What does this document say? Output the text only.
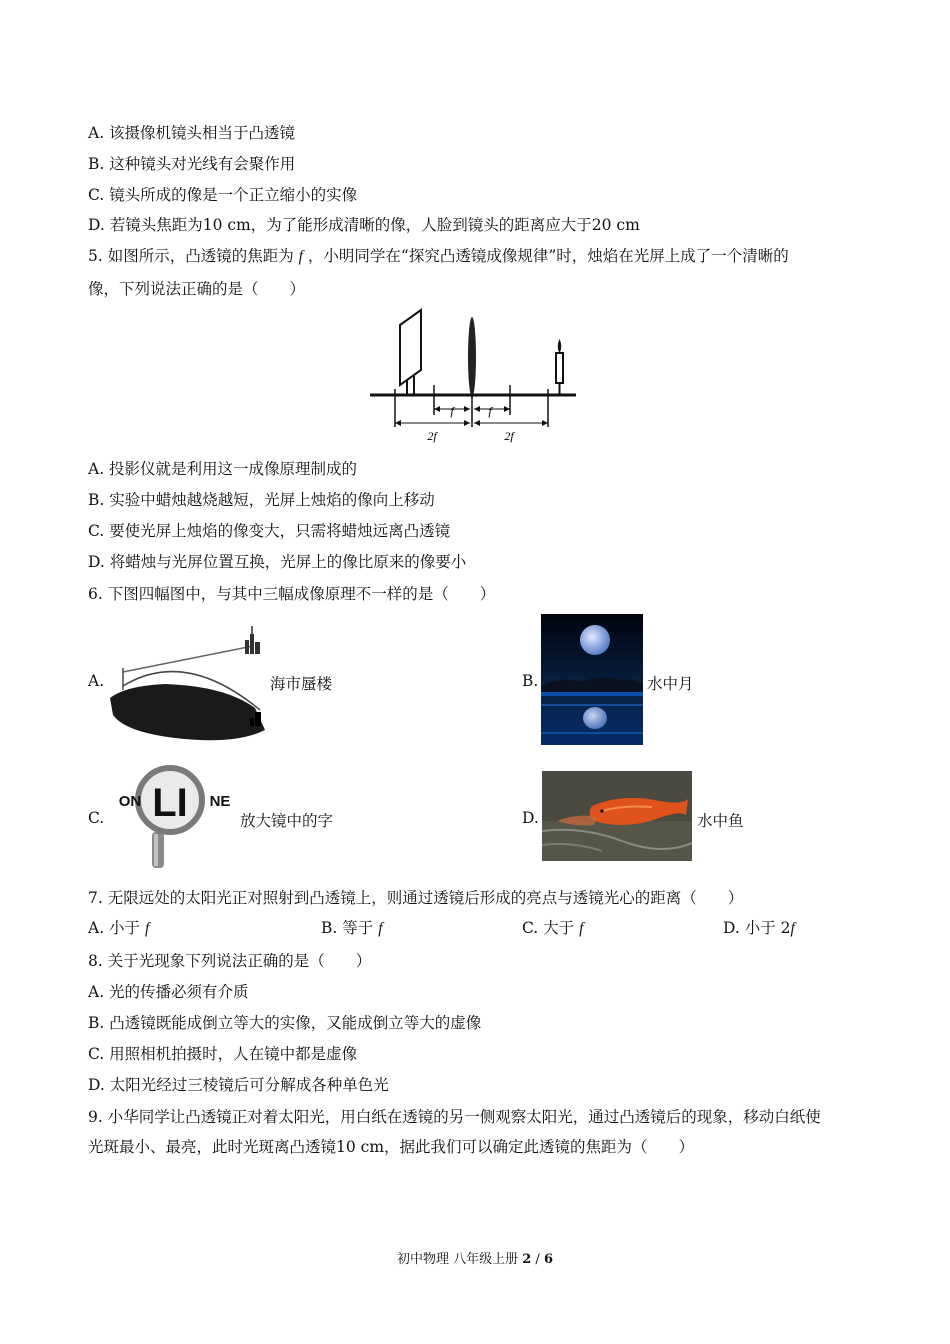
A. 该摄像机镜头相当于凸透镜
B. 这种镜头对光线有会聚作用
C. 镜头所成的像是一个正立缩小的实像
D. 若镜头焦距为10 cm，为了能形成清晰的像，人脸到镜头的距离应大于20 cm
5. 如图所示，凸透镜的焦距为 f ，小明同学在“探究凸透镜成像规律”时，烛焰在光屏上成了一个清晰的
像，下列说法正确的是（　　）
f	f
2f	2f
A. 投影仪就是利用这一成像原理制成的
B. 实验中蜡烛越烧越短，光屏上烛焰的像向上移动
C. 要使光屏上烛焰的像变大，只需将蜡烛远离凸透镜
D. 将蜡烛与光屏位置互换，光屏上的像比原来的像要小
6. 下图四幅图中，与其中三幅成像原理不一样的是（　　）
A.	海市蜃楼	B.	水中月
C.
ON LI NE
放大镜中的字	D.	水中鱼
7. 无限远处的太阳光正对照射到凸透镜上，则通过透镜后形成的亮点与透镜光心的距离（　　）
A. 小于 f	B. 等于 f	C. 大于 f	D. 小于 2f
8. 关于光现象下列说法正确的是（　　）
A. 光的传播必须有介质
B. 凸透镜既能成倒立等大的实像，又能成倒立等大的虚像
C. 用照相机拍摄时，人在镜中都是虚像
D. 太阳光经过三棱镜后可分解成各种单色光
9. 小华同学让凸透镜正对着太阳光，用白纸在透镜的另一侧观察太阳光，通过凸透镜后的现象，移动白纸使
光斑最小、最亮，此时光斑离凸透镜10 cm，据此我们可以确定此透镜的焦距为（　　）
初中物理 八年级上册 2 / 6
